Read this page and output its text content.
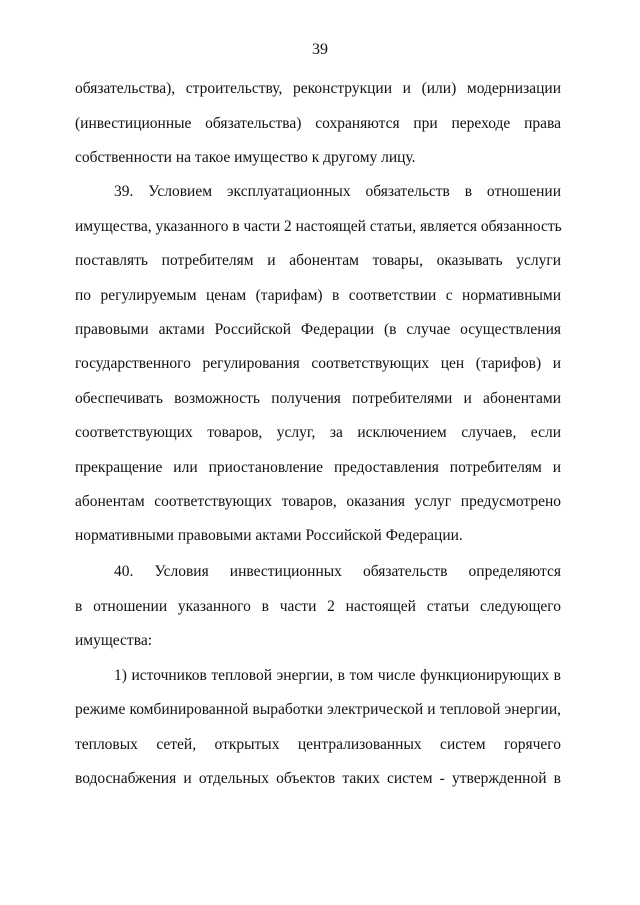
39
обязательства), строительству, реконструкции и (или) модернизации
(инвестиционные обязательства) сохраняются при переходе права
собственности на такое имущество к другому лицу.
39. Условием эксплуатационных обязательств в отношении
имущества, указанного в части 2 настоящей статьи, является обязанность
поставлять потребителям и абонентам товары, оказывать услуги
по регулируемым ценам (тарифам) в соответствии с нормативными
правовыми актами Российской Федерации (в случае осуществления
государственного регулирования соответствующих цен (тарифов) и
обеспечивать возможность получения потребителями и абонентами
соответствующих товаров, услуг, за исключением случаев, если
прекращение или приостановление предоставления потребителям и
абонентам соответствующих товаров, оказания услуг предусмотрено
нормативными правовыми актами Российской Федерации.
40. Условия инвестиционных обязательств определяются
в отношении указанного в части 2 настоящей статьи следующего
имущества:
1) источников тепловой энергии, в том числе функционирующих в
режиме комбинированной выработки электрической и тепловой энергии,
тепловых сетей, открытых централизованных систем горячего
водоснабжения и отдельных объектов таких систем - утвержденной в
